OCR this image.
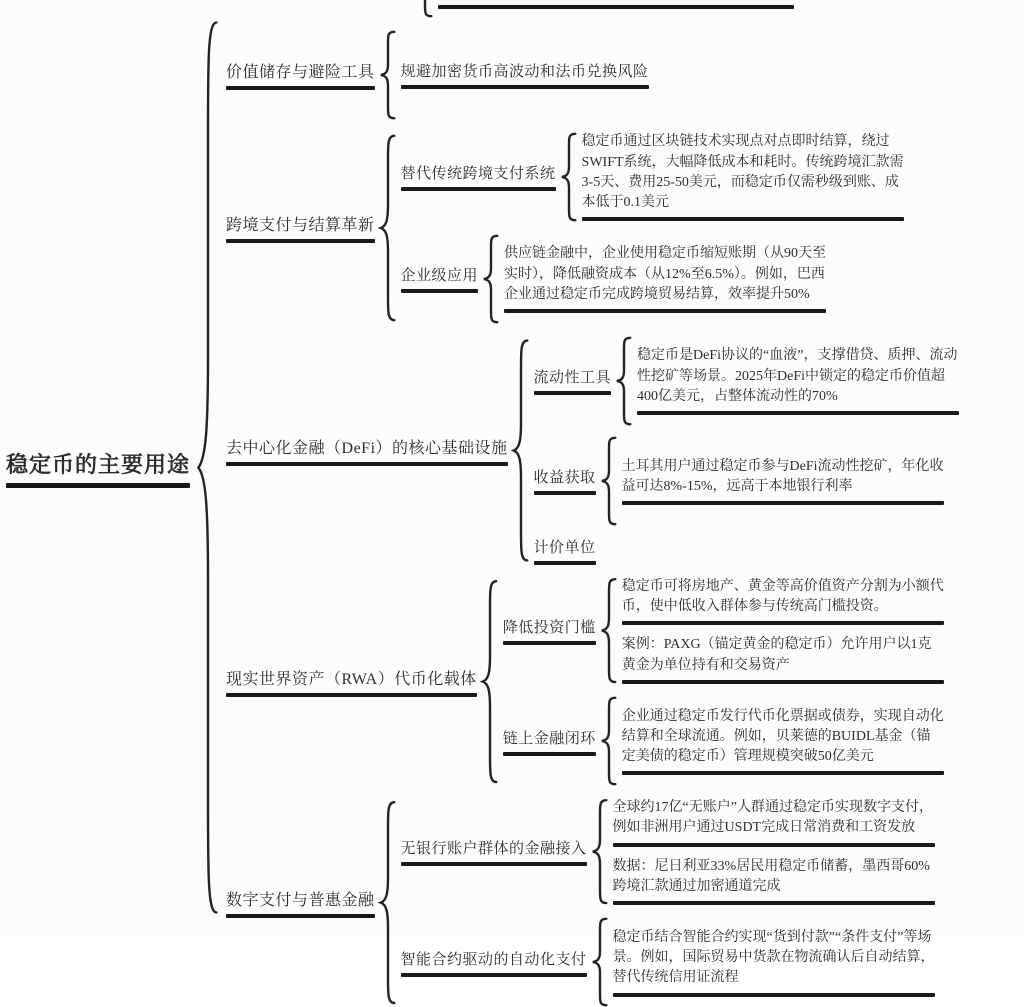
稳定币的主要用途
价值储存与避险工具 规避加密货币高波动和法币兑换风险
跨境支付与结算革新
替代传统跨境支付系统
稳定币通过区块链技术实现点对点即时结算，绕过SWIFT系统，大幅降低成本和耗时。传统跨境汇款需3-5天、费用25-50美元，而稳定币仅需秒级到账、成本低于0.1美元
企业级应用
供应链金融中，企业使用稳定币缩短账期（从90天至实时），降低融资成本（从12%至6.5%）。例如，巴西企业通过稳定币完成跨境贸易结算，效率提升50%
去中心化金融（DeFi）的核心基础设施
流动性工具
稳定币是DeFi协议的“血液”，支撑借贷、质押、流动性挖矿等场景。2025年DeFi中锁定的稳定币价值超400亿美元，占整体流动性的70%
收益获取
土耳其用户通过稳定币参与DeFi流动性挖矿，年化收益可达8%-15%，远高于本地银行利率
计价单位
现实世界资产（RWA）代币化载体
降低投资门槛
稳定币可将房地产、黄金等高价值资产分割为小额代币，使中低收入群体参与传统高门槛投资。
案例：PAXG（锚定黄金的稳定币）允许用户以1克黄金为单位持有和交易资产
链上金融闭环
企业通过稳定币发行代币化票据或债券，实现自动化结算和全球流通。例如，贝莱德的BUIDL基金（锚定美债的稳定币）管理规模突破50亿美元
数字支付与普惠金融
无银行账户群体的金融接入
全球约17亿“无账户”人群通过稳定币实现数字支付，例如非洲用户通过USDT完成日常消费和工资发放
数据：尼日利亚33%居民用稳定币储蓄，墨西哥60%跨境汇款通过加密通道完成
智能合约驱动的自动化支付
稳定币结合智能合约实现“货到付款”“条件支付”等场景。例如，国际贸易中货款在物流确认后自动结算，替代传统信用证流程
